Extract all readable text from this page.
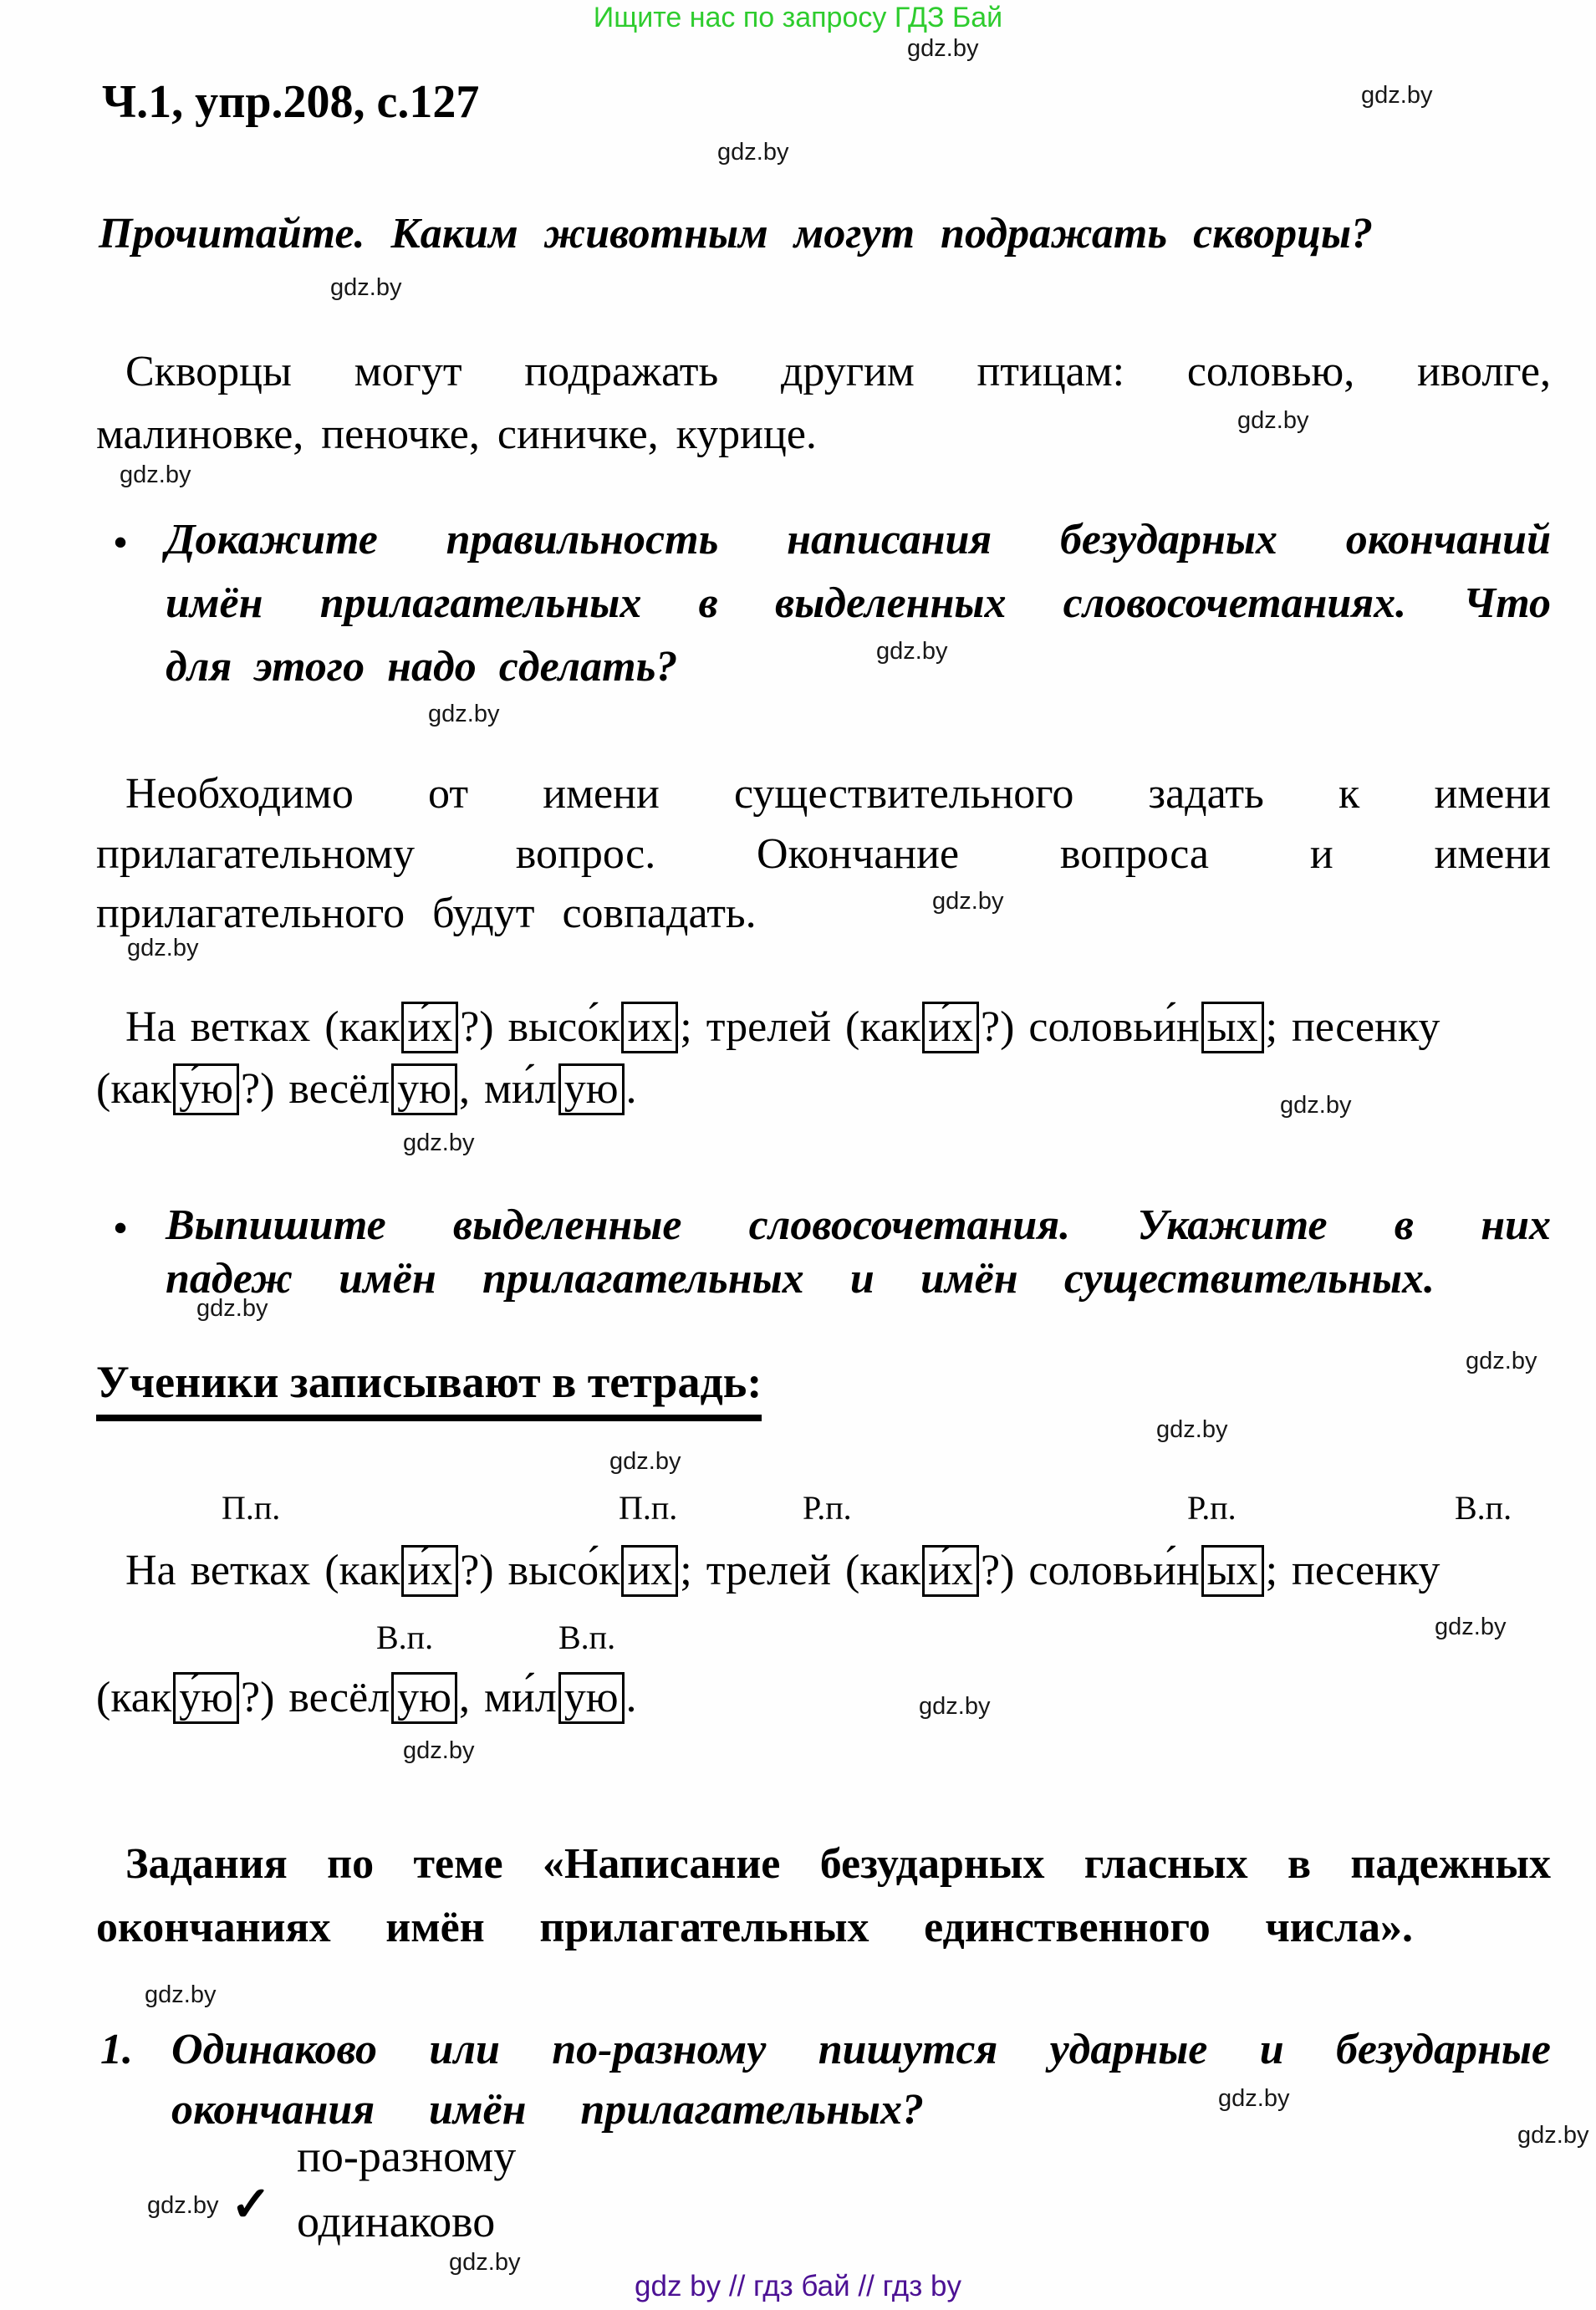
Ищите нас по запросу ГДЗ Бай
Ч.1, упр.208, с.127
Прочитайте. Каким животным могут подражать скворцы?
Скворцы могут подражать другим птицам: соловью, иволге,
малиновке, пеночке, синичке, курице.
• Докажите правильность написания безударных окончаний
имён прилагательных в выделенных словосочетаниях. Что
для этого надо сделать?
Необходимо от имени существительного задать к имени
прилагательному вопрос. Окончание вопроса и имени
прилагательного будут совпадать.
На ветках (как и́х ?) высо́к их ; трелей (как и́х ?) соловьи́н ых ; песенку
(как у́ю ?) весёл ую , ми́л ую .
• Выпишите выделенные словосочетания. Укажите в них
падеж имён прилагательных и имён существительных.
Ученики записывают в тетрадь:
П.п.	П.п.	Р.п.	Р.п.	В.п.
На ветках (как и́х ?) высо́к их ; трелей (как и́х ?) соловьи́н ых ; песенку
В.п.	В.п.
(как у́ю ?) весёл ую , ми́л ую .
Задания по теме «Написание безударных гласных в падежных
окончаниях имён прилагательных единственного числа».
1. Одинаково или по-разному пишутся ударные и безударные
окончания имён прилагательных?
по-разному
✓ одинаково
gdz.by
gdz.by
gdz.by
gdz.by
gdz.by
gdz.by
gdz.by
gdz.by
gdz.by
gdz.by
gdz.by
gdz.by
gdz.by
gdz.by
gdz.by
gdz.by
gdz.by
gdz.by
gdz.by
gdz.by
gdz.by
gdz.by
gdz.by
gdz.by
gdz by // гдз бай // гдз by
